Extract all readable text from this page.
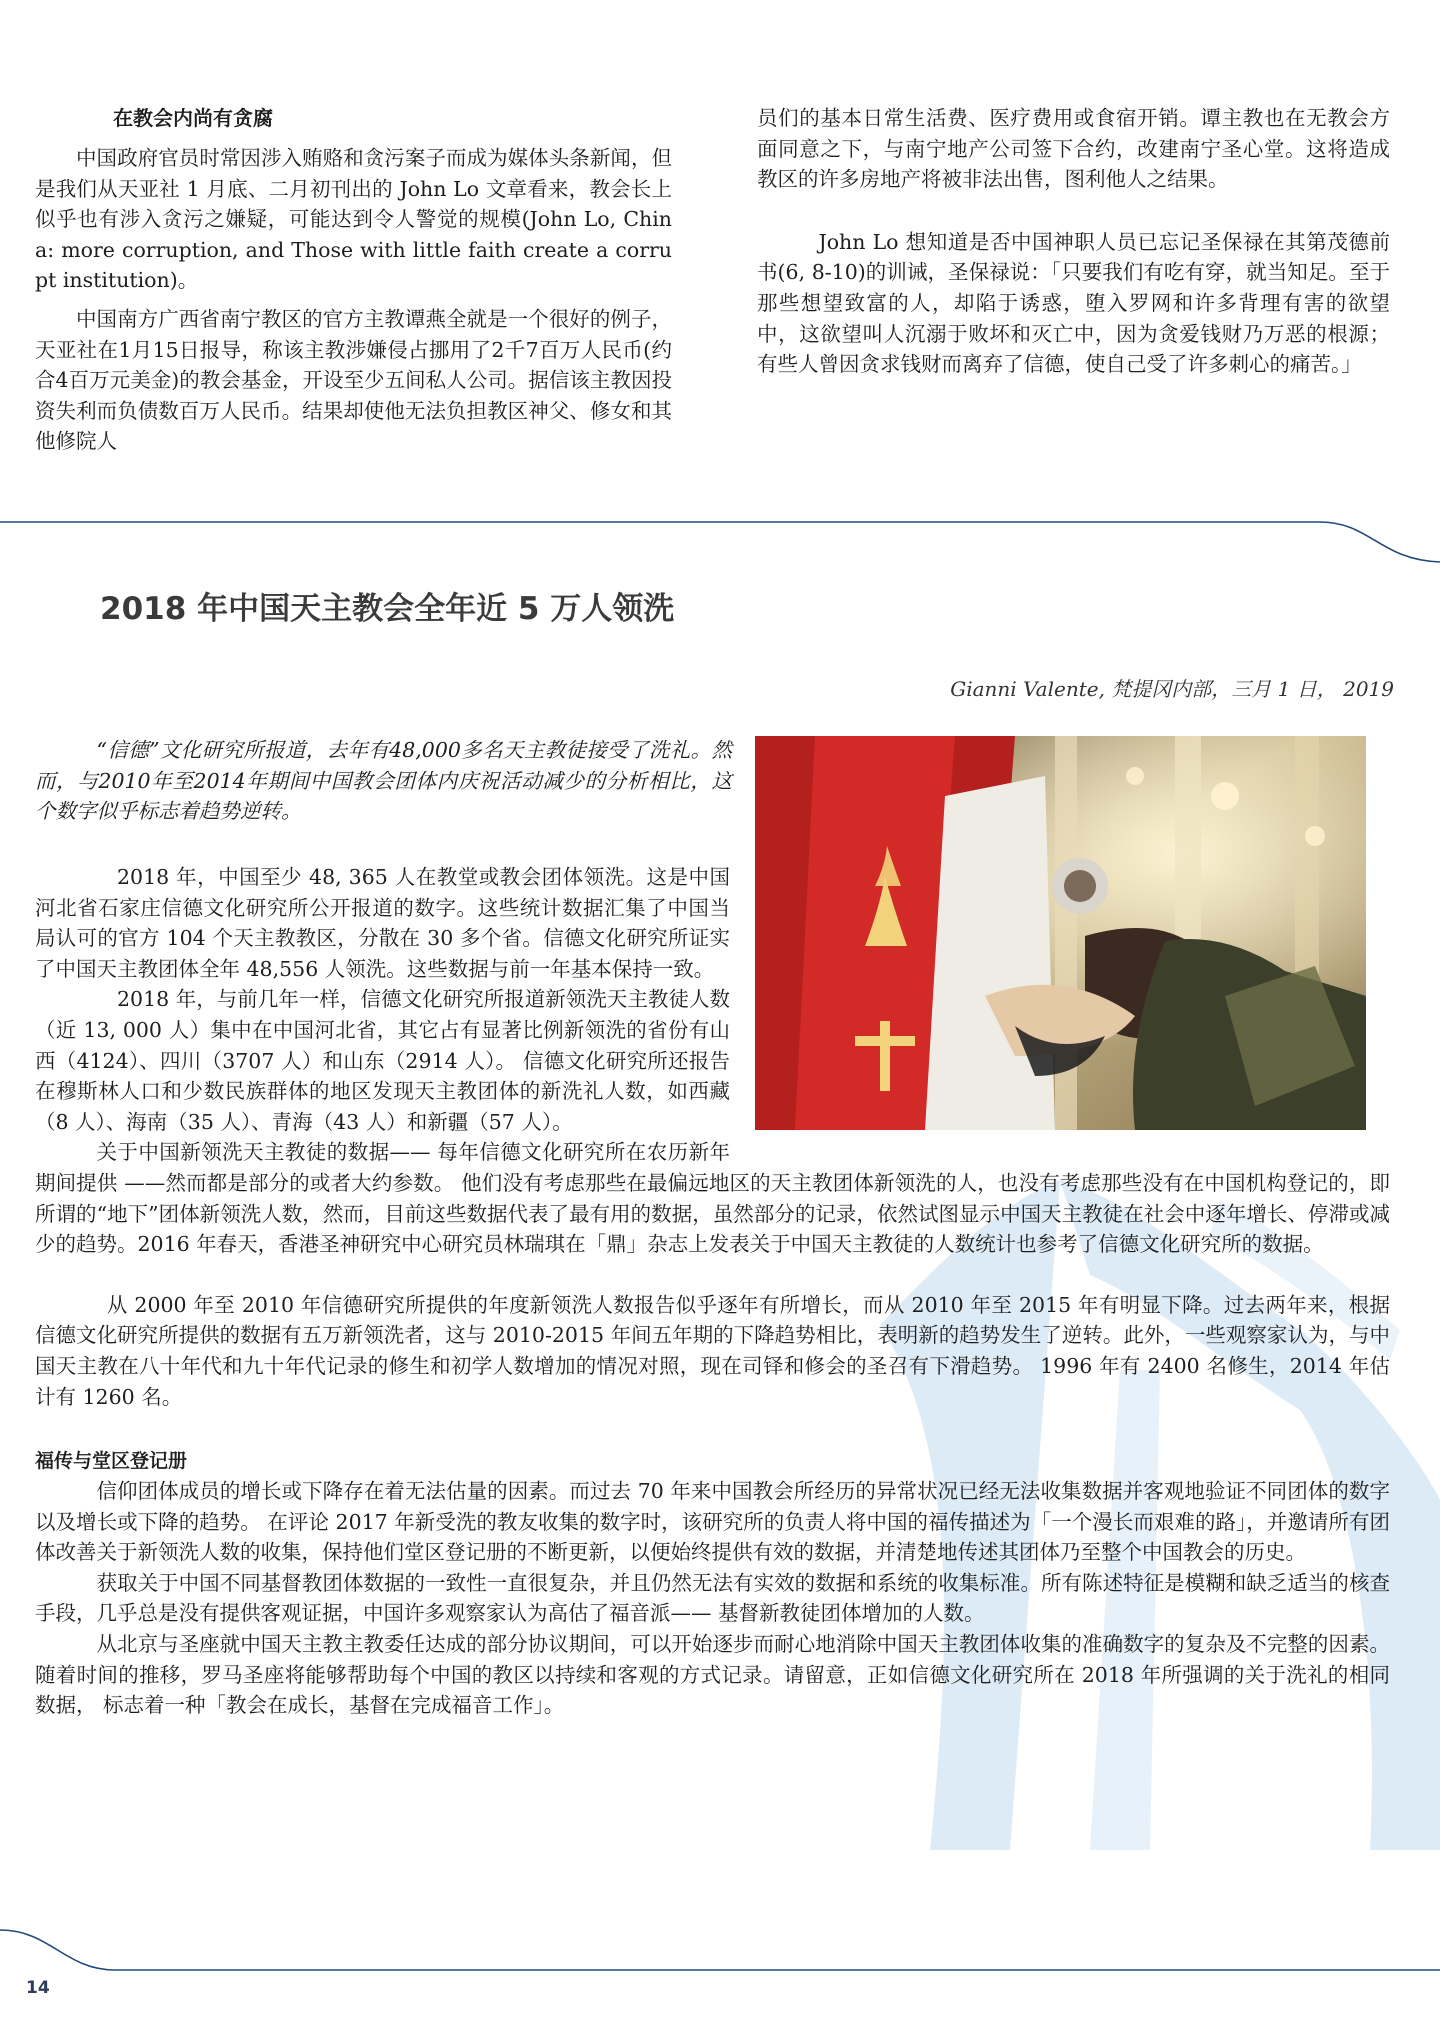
在教会内尚有贪腐

中国政府官员时常因涉入贿赂和贪污案子而成为媒体头条新闻，但是我们从天亚社 1 月底、二月初刊出的 John Lo 文章看来，教会长上似乎也有涉入贪污之嫌疑，可能达到令人警觉的规模(John Lo, China: more corruption, and Those with little faith create a corrupt institution)。

中国南方广西省南宁教区的官方主教谭燕全就是一个很好的例子，天亚社在1月15日报导，称该主教涉嫌侵占挪用了2千7百万人民币(约合4百万元美金)的教会基金，开设至少五间私人公司。据信该主教因投资失利而负债数百万人民币。结果却使他无法负担教区神父、修女和其他修院人

员们的基本日常生活费、医疗费用或食宿开销。谭主教也在无教会方面同意之下，与南宁地产公司签下合约，改建南宁圣心堂。这将造成教区的许多房地产将被非法出售，图利他人之结果。

John Lo 想知道是否中国神职人员已忘记圣保禄在其第茂德前书(6, 8-10)的训诫，圣保禄说：「只要我们有吃有穿，就当知足。至于那些想望致富的人，却陷于诱惑，堕入罗网和许多背理有害的欲望中，这欲望叫人沉溺于败坏和灭亡中，因为贪爱钱财乃万恶的根源；有些人曾因贪求钱财而离弃了信德，使自己受了许多刺心的痛苦。」

2018 年中国天主教会全年近 5 万人领洗
Gianni Valente, 梵提冈内部，三月 1 日， 2019

“信德”文化研究所报道，去年有48,000多名天主教徒接受了洗礼。然而，与2010年至2014年期间中国教会团体内庆祝活动减少的分析相比，这个数字似乎标志着趋势逆转。

2018 年，中国至少 48, 365 人在教堂或教会团体领洗。这是中国河北省石家庄信德文化研究所公开报道的数字。这些统计数据汇集了中国当局认可的官方 104 个天主教教区，分散在 30 多个省。信德文化研究所证实了中国天主教团体全年 48,556 人领洗。这些数据与前一年基本保持一致。

2018 年，与前几年一样，信德文化研究所报道新领洗天主教徒人数（近 13, 000 人）集中在中国河北省，其它占有显著比例新领洗的省份有山西（4124）、四川（3707 人）和山东（2914 人）。 信德文化研究所还报告在穆斯林人口和少数民族群体的地区发现天主教团体的新洗礼人数，如西藏（8 人）、海南（35 人）、青海（43 人）和新疆（57 人）。

关于中国新领洗天主教徒的数据—— 每年信德文化研究所在农历新年期间提供 ——然而都是部分的或者大约参数。 他们没有考虑那些在最偏远地区的天主教团体新领洗的人，也没有考虑那些没有在中国机构登记的，即所谓的“地下”团体新领洗人数，然而，目前这些数据代表了最有用的数据，虽然部分的记录，依然试图显示中国天主教徒在社会中逐年增长、停滞或减少的趋势。2016 年春天，香港圣神研究中心研究员林瑞琪在「鼎」杂志上发表关于中国天主教徒的人数统计也参考了信德文化研究所的数据。

从 2000 年至 2010 年信德研究所提供的年度新领洗人数报告似乎逐年有所增长，而从 2010 年至 2015 年有明显下降。过去两年来，根据信德文化研究所提供的数据有五万新领洗者，这与 2010-2015 年间五年期的下降趋势相比，表明新的趋势发生了逆转。此外，一些观察家认为，与中国天主教在八十年代和九十年代记录的修生和初学人数增加的情况对照，现在司铎和修会的圣召有下滑趋势。 1996 年有 2400 名修生，2014 年估计有 1260 名。

福传与堂区登记册

信仰团体成员的增长或下降存在着无法估量的因素。而过去 70 年来中国教会所经历的异常状况已经无法收集数据并客观地验证不同团体的数字以及增长或下降的趋势。 在评论 2017 年新受洗的教友收集的数字时，该研究所的负责人将中国的福传描述为「一个漫长而艰难的路」，并邀请所有团体改善关于新领洗人数的收集，保持他们堂区登记册的不断更新，以便始终提供有效的数据，并清楚地传述其团体乃至整个中国教会的历史。

获取关于中国不同基督教团体数据的一致性一直很复杂，并且仍然无法有实效的数据和系统的收集标准。所有陈述特征是模糊和缺乏适当的核查手段，几乎总是没有提供客观证据，中国许多观察家认为高估了福音派—— 基督新教徒团体增加的人数。

从北京与圣座就中国天主教主教委任达成的部分协议期间，可以开始逐步而耐心地消除中国天主教团体收集的准确数字的复杂及不完整的因素。随着时间的推移，罗马圣座将能够帮助每个中国的教区以持续和客观的方式记录。请留意，正如信德文化研究所在 2018 年所强调的关于洗礼的相同数据， 标志着一种「教会在成长，基督在完成福音工作」。

14
